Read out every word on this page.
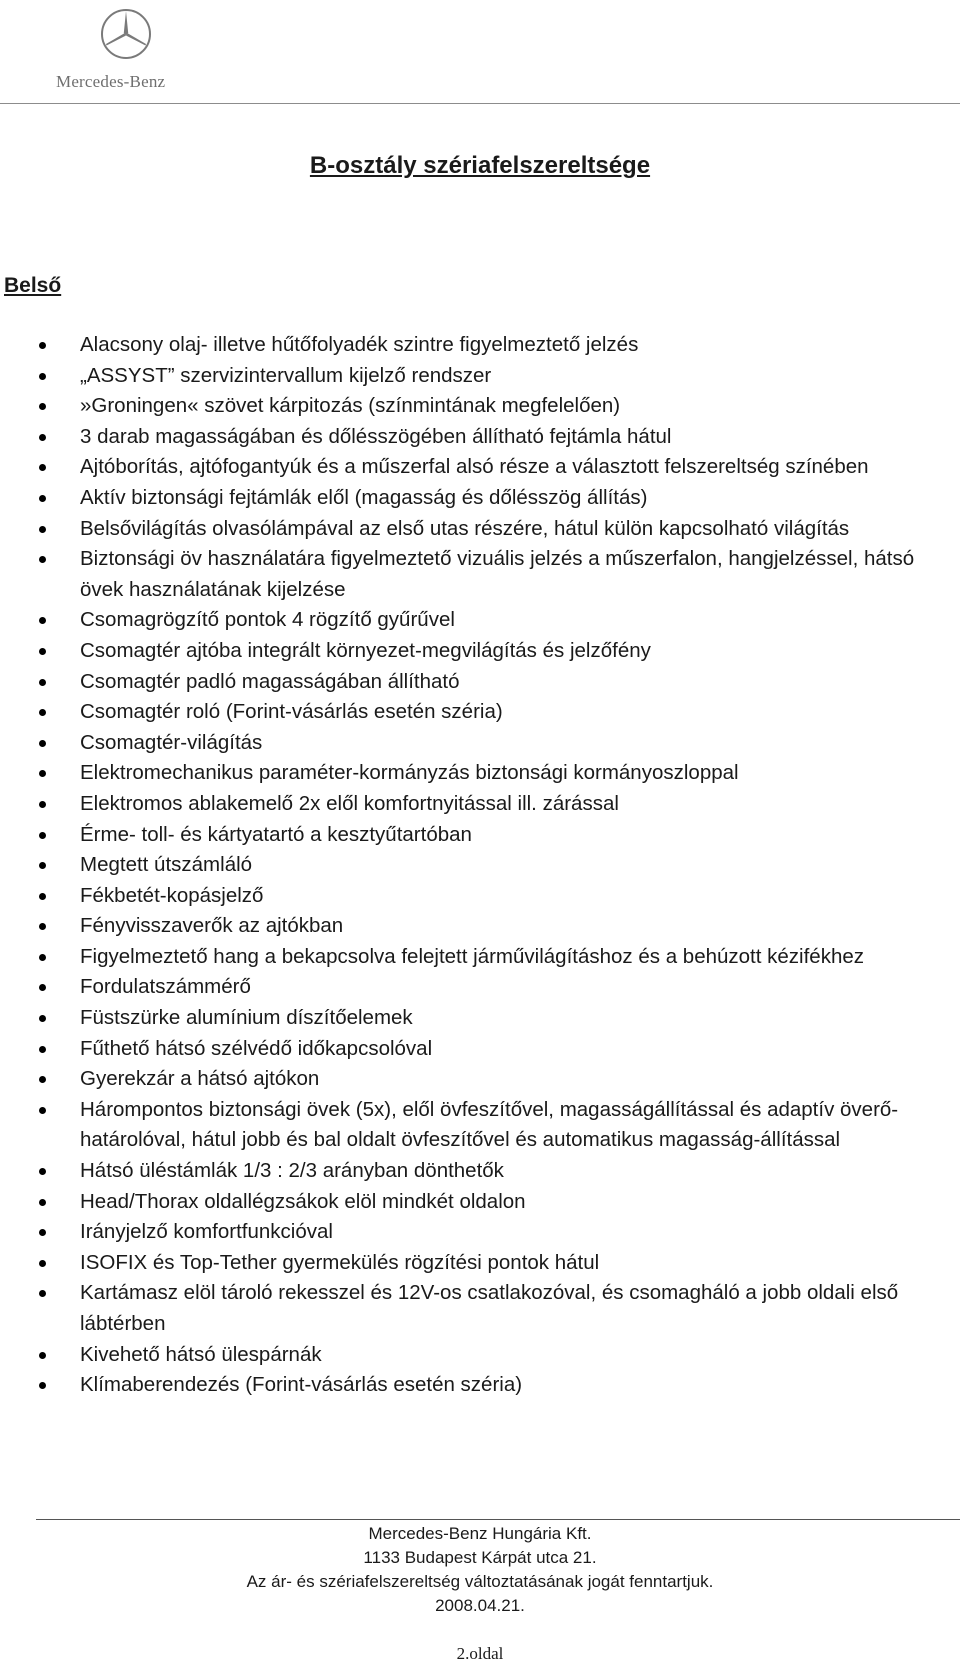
Mercedes-Benz
B-osztály szériafelszereltsége
Belső
Alacsony olaj- illetve hűtőfolyadék szintre figyelmeztető jelzés
„ASSYST” szervizintervallum kijelző rendszer
»Groningen« szövet kárpitozás (színmintának megfelelően)
3 darab magasságában és dőlésszögében állítható fejtámla hátul
Ajtóborítás, ajtófogantyúk és a műszerfal alsó része a választott felszereltség színében
Aktív biztonsági fejtámlák elől (magasság és dőlésszög állítás)
Belsővilágítás olvasólámpával az első utas részére, hátul külön kapcsolható világítás
Biztonsági öv használatára figyelmeztető vizuális jelzés a műszerfalon, hangjelzéssel, hátsó övek használatának kijelzése
Csomagrögzítő pontok 4 rögzítő gyűrűvel
Csomagtér ajtóba integrált környezet-megvilágítás és jelzőfény
Csomagtér padló magasságában állítható
Csomagtér roló (Forint-vásárlás esetén széria)
Csomagtér-világítás
Elektromechanikus paraméter-kormányzás biztonsági kormányoszloppal
Elektromos ablakemelő 2x elől komfortnyitással ill. zárással
Érme- toll- és kártyatartó a kesztyűtartóban
Megtett útszámláló
Fékbetét-kopásjelző
Fényvisszaverők az ajtókban
Figyelmeztető hang a bekapcsolva felejtett járművilágításhoz és a behúzott kézifékhez
Fordulatszámmérő
Füstszürke alumínium díszítőelemek
Fűthető hátsó szélvédő időkapcsolóval
Gyerekzár a hátsó ajtókon
Hárompontos biztonsági övek (5x), elől övfeszítővel, magasságállítással és adaptív överő-határolóval, hátul jobb és bal oldalt övfeszítővel és automatikus magasság-állítással
Hátsó üléstámlák 1/3 : 2/3 arányban dönthetők
Head/Thorax oldallégzsákok elöl mindkét oldalon
Irányjelző komfortfunkcióval
ISOFIX és Top-Tether gyermekülés rögzítési pontok hátul
Kartámasz elöl tároló rekesszel és 12V-os csatlakozóval, és csomagháló a jobb oldali első lábtérben
Kivehető hátsó ülespárnák
Klímaberendezés (Forint-vásárlás esetén széria)
Mercedes-Benz Hungária Kft.
1133 Budapest Kárpát utca 21.
Az ár- és szériafelszereltség változtatásának jogát fenntartjuk.
2008.04.21.
2.oldal
